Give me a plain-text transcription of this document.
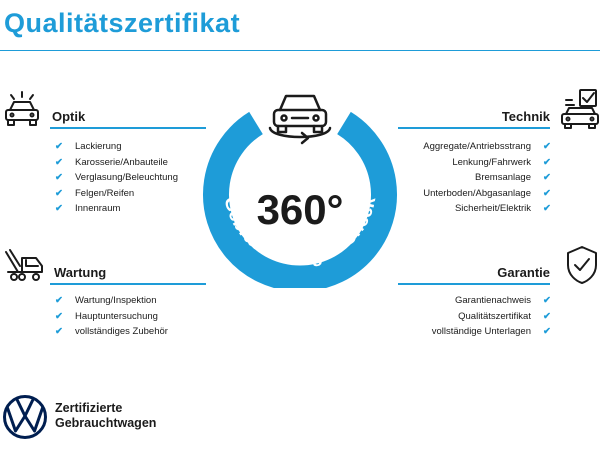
Qualitätszertifikat
Optik
✔ Lackierung
✔ Karosserie/Anbauteile
✔ Verglasung/Beleuchtung
✔ Felgen/Reifen
✔ Innenraum
Wartung
✔ Wartung/Inspektion
✔ Hauptuntersuchung
✔ vollständiges Zubehör
Gebrauchtwagen-Check
360°
Technik
Aggregate/Antriebsstrang ✔
Lenkung/Fahrwerk ✔
Bremsanlage ✔
Unterboden/Abgasanlage ✔
Sicherheit/Elektrik ✔
Garantie
Garantienachweis ✔
Qualitätszertifikat ✔
vollständige Unterlagen ✔
Zertifizierte
Gebrauchtwagen
